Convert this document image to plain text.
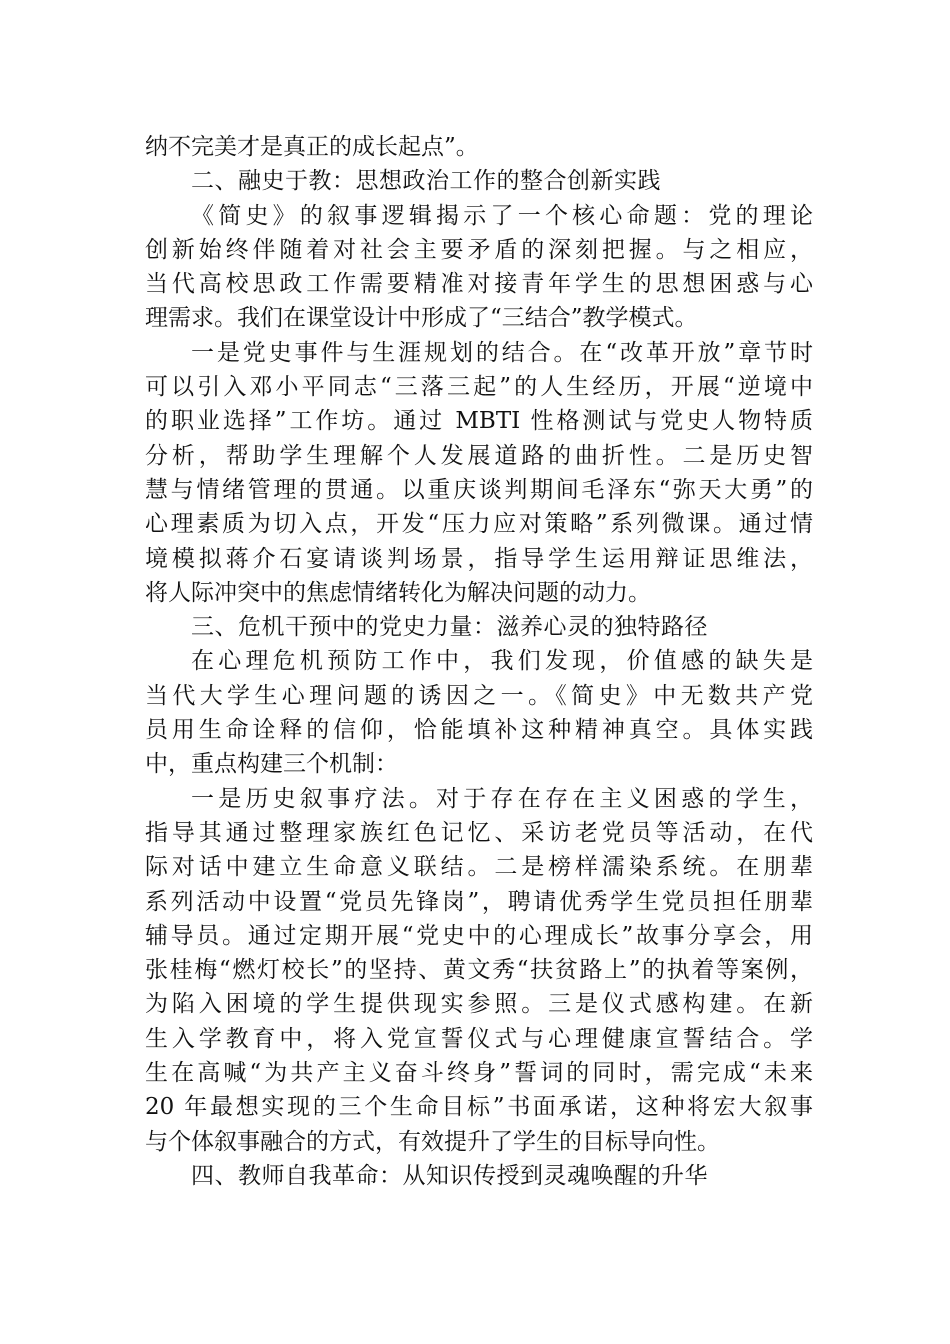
纳不完美才是真正的成长起点”。

二、融史于教：思想政治工作的整合创新实践

《简史》的叙事逻辑揭示了一个核心命题：党的理论
创新始终伴随着对社会主要矛盾的深刻把握。与之相应，
当代高校思政工作需要精准对接青年学生的思想困惑与心
理需求。我们在课堂设计中形成了“三结合”教学模式。

一是党史事件与生涯规划的结合。在“改革开放”章节时
可以引入邓小平同志“三落三起”的人生经历，开展“逆境中
的职业选择”工作坊。通过 MBTI 性格测试与党史人物特质
分析，帮助学生理解个人发展道路的曲折性。二是历史智
慧与情绪管理的贯通。以重庆谈判期间毛泽东“弥天大勇”的
心理素质为切入点，开发“压力应对策略”系列微课。通过情
境模拟蒋介石宴请谈判场景，指导学生运用辩证思维法，
将人际冲突中的焦虑情绪转化为解决问题的动力。

三、危机干预中的党史力量：滋养心灵的独特路径

在心理危机预防工作中，我们发现，价值感的缺失是
当代大学生心理问题的诱因之一。《简史》中无数共产党
员用生命诠释的信仰，恰能填补这种精神真空。具体实践
中，重点构建三个机制：

一是历史叙事疗法。对于存在存在主义困惑的学生，
指导其通过整理家族红色记忆、采访老党员等活动，在代
际对话中建立生命意义联结。二是榜样濡染系统。在朋辈
系列活动中设置“党员先锋岗”，聘请优秀学生党员担任朋辈
辅导员。通过定期开展“党史中的心理成长”故事分享会，用
张桂梅“燃灯校长”的坚持、黄文秀“扶贫路上”的执着等案例，
为陷入困境的学生提供现实参照。三是仪式感构建。在新
生入学教育中，将入党宣誓仪式与心理健康宣誓结合。学
生在高喊“为共产主义奋斗终身”誓词的同时，需完成“未来
20 年最想实现的三个生命目标”书面承诺，这种将宏大叙事
与个体叙事融合的方式，有效提升了学生的目标导向性。

四、教师自我革命：从知识传授到灵魂唤醒的升华
